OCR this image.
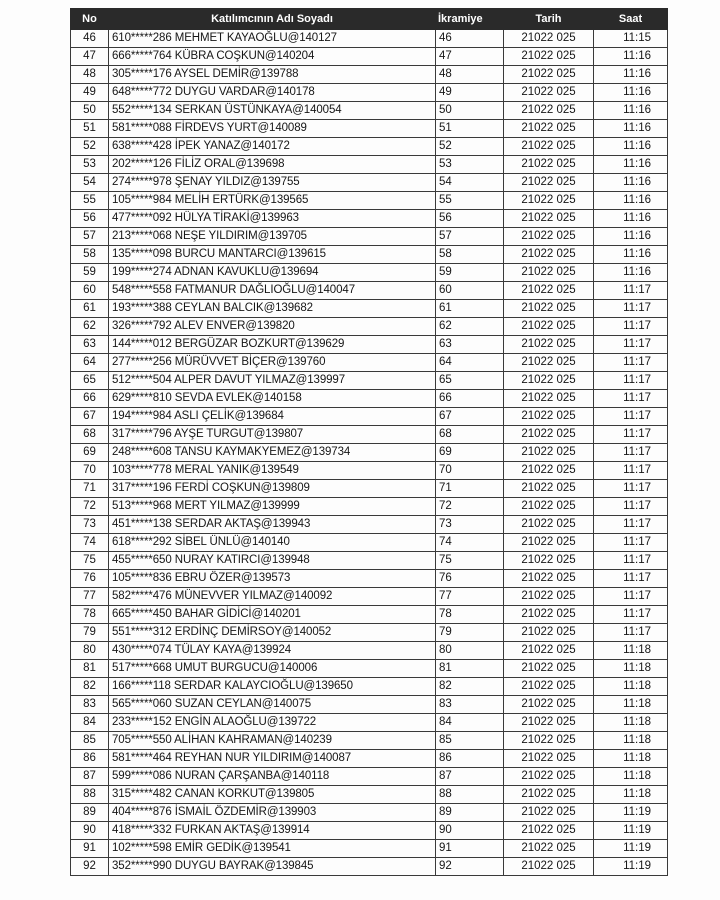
No	Katılımcının Adı Soyadı	İkramiye	Tarih	Saat
46	610*****286 MEHMET KAYAOĞLU@140127	46	21022 025	11:15
47	666*****764 KÜBRA COŞKUN@140204	47	21022 025	11:16
48	305*****176 AYSEL DEMİR@139788	48	21022 025	11:16
49	648*****772 DUYGU VARDAR@140178	49	21022 025	11:16
50	552*****134 SERKAN ÜSTÜNKAYA@140054	50	21022 025	11:16
51	581*****088 FİRDEVS YURT@140089	51	21022 025	11:16
52	638*****428 İPEK YANAZ@140172	52	21022 025	11:16
53	202*****126 FİLİZ ORAL@139698	53	21022 025	11:16
54	274*****978 ŞENAY YILDIZ@139755	54	21022 025	11:16
55	105*****984 MELİH ERTÜRK@139565	55	21022 025	11:16
56	477*****092 HÜLYA TİRAKİ@139963	56	21022 025	11:16
57	213*****068 NEŞE YILDIRIM@139705	57	21022 025	11:16
58	135*****098 BURCU MANTARCI@139615	58	21022 025	11:16
59	199*****274 ADNAN KAVUKLU@139694	59	21022 025	11:16
60	548*****558 FATMANUR DAĞLIOĞLU@140047	60	21022 025	11:17
61	193*****388 CEYLAN BALCIK@139682	61	21022 025	11:17
62	326*****792 ALEV ENVER@139820	62	21022 025	11:17
63	144*****012 BERGÜZAR BOZKURT@139629	63	21022 025	11:17
64	277*****256 MÜRÜVVET BİÇER@139760	64	21022 025	11:17
65	512*****504 ALPER DAVUT YILMAZ@139997	65	21022 025	11:17
66	629*****810 SEVDA EVLEK@140158	66	21022 025	11:17
67	194*****984 ASLI ÇELİK@139684	67	21022 025	11:17
68	317*****796 AYŞE TURGUT@139807	68	21022 025	11:17
69	248*****608 TANSU KAYMAKYEMEZ@139734	69	21022 025	11:17
70	103*****778 MERAL YANIK@139549	70	21022 025	11:17
71	317*****196 FERDİ COŞKUN@139809	71	21022 025	11:17
72	513*****968 MERT YILMAZ@139999	72	21022 025	11:17
73	451*****138 SERDAR AKTAŞ@139943	73	21022 025	11:17
74	618*****292 SİBEL ÜNLÜ@140140	74	21022 025	11:17
75	455*****650 NURAY KATIRCI@139948	75	21022 025	11:17
76	105*****836 EBRU ÖZER@139573	76	21022 025	11:17
77	582*****476 MÜNEVVER YILMAZ@140092	77	21022 025	11:17
78	665*****450 BAHAR GİDİCİ@140201	78	21022 025	11:17
79	551*****312 ERDİNÇ DEMİRSOY@140052	79	21022 025	11:17
80	430*****074 TÜLAY KAYA@139924	80	21022 025	11:18
81	517*****668 UMUT BURGUCU@140006	81	21022 025	11:18
82	166*****118 SERDAR KALAYCIOĞLU@139650	82	21022 025	11:18
83	565*****060 SUZAN CEYLAN@140075	83	21022 025	11:18
84	233*****152 ENGİN ALAOĞLU@139722	84	21022 025	11:18
85	705*****550 ALİHAN KAHRAMAN@140239	85	21022 025	11:18
86	581*****464 REYHAN NUR YILDIRIM@140087	86	21022 025	11:18
87	599*****086 NURAN ÇARŞANBA@140118	87	21022 025	11:18
88	315*****482 CANAN KORKUT@139805	88	21022 025	11:18
89	404*****876 İSMAİL ÖZDEMİR@139903	89	21022 025	11:19
90	418*****332 FURKAN AKTAŞ@139914	90	21022 025	11:19
91	102*****598 EMİR GEDİK@139541	91	21022 025	11:19
92	352*****990 DUYGU BAYRAK@139845	92	21022 025	11:19
